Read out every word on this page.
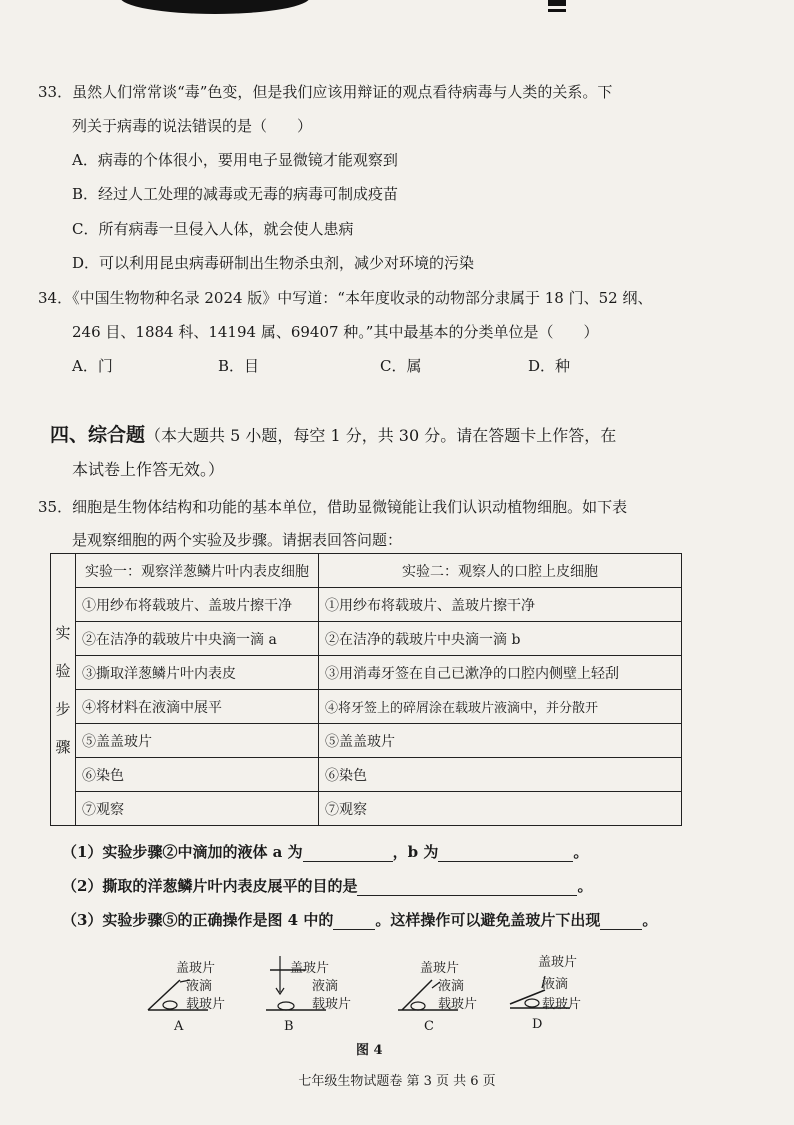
33．虽然人们常常谈“毒”色变，但是我们应该用辩证的观点看待病毒与人类的关系。下
列关于病毒的说法错误的是（　　）
A．病毒的个体很小，要用电子显微镜才能观察到
B．经过人工处理的减毒或无毒的病毒可制成疫苗
C．所有病毒一旦侵入人体，就会使人患病
D．可以利用昆虫病毒研制出生物杀虫剂，减少对环境的污染
34．《中国生物物种名录 2024 版》中写道：“本年度收录的动物部分隶属于 18 门、52 纲、
246 目、1884 科、14194 属、69407 种。”其中最基本的分类单位是（　　）
A．门	B．目	C．属	D．种
四、综合题（本大题共 5 小题，每空 1 分，共 30 分。请在答题卡上作答，在
本试卷上作答无效。）
35．细胞是生物体结构和功能的基本单位，借助显微镜能让我们认识动植物细胞。如下表
是观察细胞的两个实验及步骤。请据表回答问题：
实
验
步
骤	实验一：观察洋葱鳞片叶内表皮细胞	实验二：观察人的口腔上皮细胞
	①用纱布将载玻片、盖玻片擦干净	①用纱布将载玻片、盖玻片擦干净
	②在洁净的载玻片中央滴一滴 a	②在洁净的载玻片中央滴一滴 b
	③撕取洋葱鳞片叶内表皮	③用消毒牙签在自己已漱净的口腔内侧壁上轻刮
	④将材料在液滴中展平	④将牙签上的碎屑涂在载玻片液滴中，并分散开
	⑤盖盖玻片	⑤盖盖玻片
	⑥染色	⑥染色
	⑦观察	⑦观察
（1）实验步骤②中滴加的液体 a 为	，b 为	。
（2）撕取的洋葱鳞片叶内表皮展平的目的是	。
（3）实验步骤⑤的正确操作是图 4 中的	。这样操作可以避免盖玻片下出现	。
盖玻片
液滴
载玻片
A
盖玻片
液滴
载玻片
B
盖玻片
液滴
载玻片
C
盖玻片
液滴
载玻片
D
图 4
七年级生物试题卷 第 3 页 共 6 页
